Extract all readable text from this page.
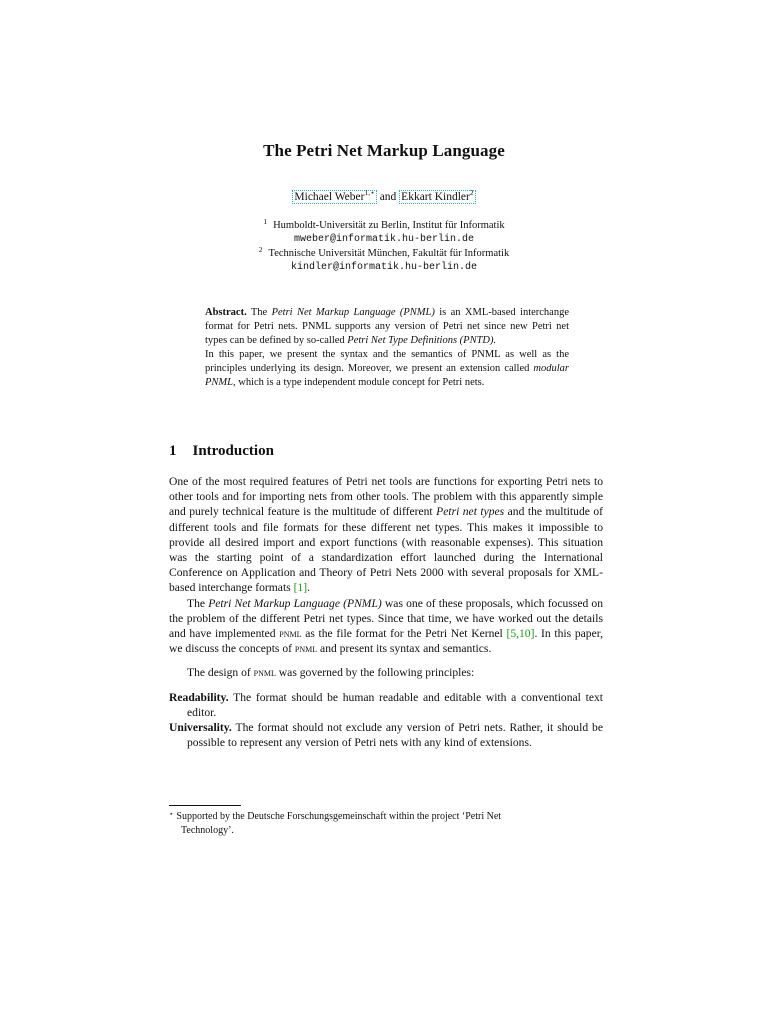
The Petri Net Markup Language
Michael Weber$^{1,⋆}$ and Ekkart Kindler$^2$
$^1$ Humboldt-Universität zu Berlin, Institut für Informatik
mweber@informatik.hu-berlin.de
$^2$ Technische Universität München, Fakultät für Informatik
kindler@informatik.hu-berlin.de

Abstract. The Petri Net Markup Language (PNML) is an XML-based interchange format for Petri nets. PNML supports any version of Petri net since new Petri net types can be defined by so-called Petri Net Type Definitions (PNTD).

In this paper, we present the syntax and the semantics of PNML as well as the principles underlying its design. Moreover, we present an extension called modular PNML, which is a type independent module concept for Petri nets.

1 Introduction

One of the most required features of Petri net tools are functions for exporting Petri nets to other tools and for importing nets from other tools. The problem with this apparently simple and purely technical feature is the multitude of different Petri net types and the multitude of different tools and file formats for these different net types. This makes it impossible to provide all desired import and export functions (with reasonable expenses). This situation was the starting point of a standardization effort launched during the International Conference on Application and Theory of Petri Nets 2000 with several proposals for XML-based interchange formats [1].

The Petri Net Markup Language (PNML) was one of these proposals, which focussed on the problem of the different Petri net types. Since that time, we have worked out the details and have implemented pnml as the file format for the Petri Net Kernel [5,10]. In this paper, we discuss the concepts of pnml and present its syntax and semantics.

The design of pnml was governed by the following principles:

Readability. The format should be human readable and editable with a conventional text editor.

Universality. The format should not exclude any version of Petri nets. Rather, it should be possible to represent any version of Petri nets with any kind of extensions.

⋆ Supported by the Deutsche Forschungsgemeinschaft within the project ‘Petri Net
Technology’.
